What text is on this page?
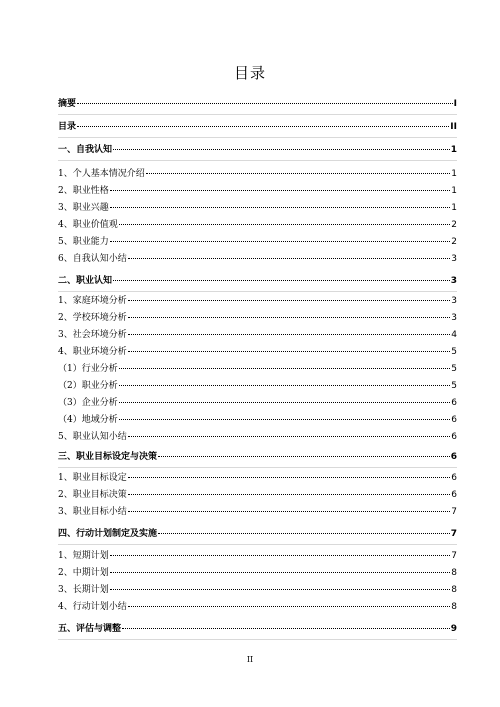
目录
摘要	I
目录	II
一、自我认知	1
1、个人基本情况介绍	1
2、职业性格	1
3、职业兴趣	1
4、职业价值观	2
5、职业能力	2
6、自我认知小结	3
二、职业认知	3
1、家庭环境分析	3
2、学校环境分析	3
3、社会环境分析	4
4、职业环境分析	5
（1）行业分析	5
（2）职业分析	5
（3）企业分析	6
（4）地域分析	6
5、职业认知小结	6
三、职业目标设定与决策	6
1、职业目标设定	6
2、职业目标决策	6
3、职业目标小结	7
四、行动计划制定及实施	7
1、短期计划	7
2、中期计划	8
3、长期计划	8
4、行动计划小结	8
五、评估与调整	9
II
